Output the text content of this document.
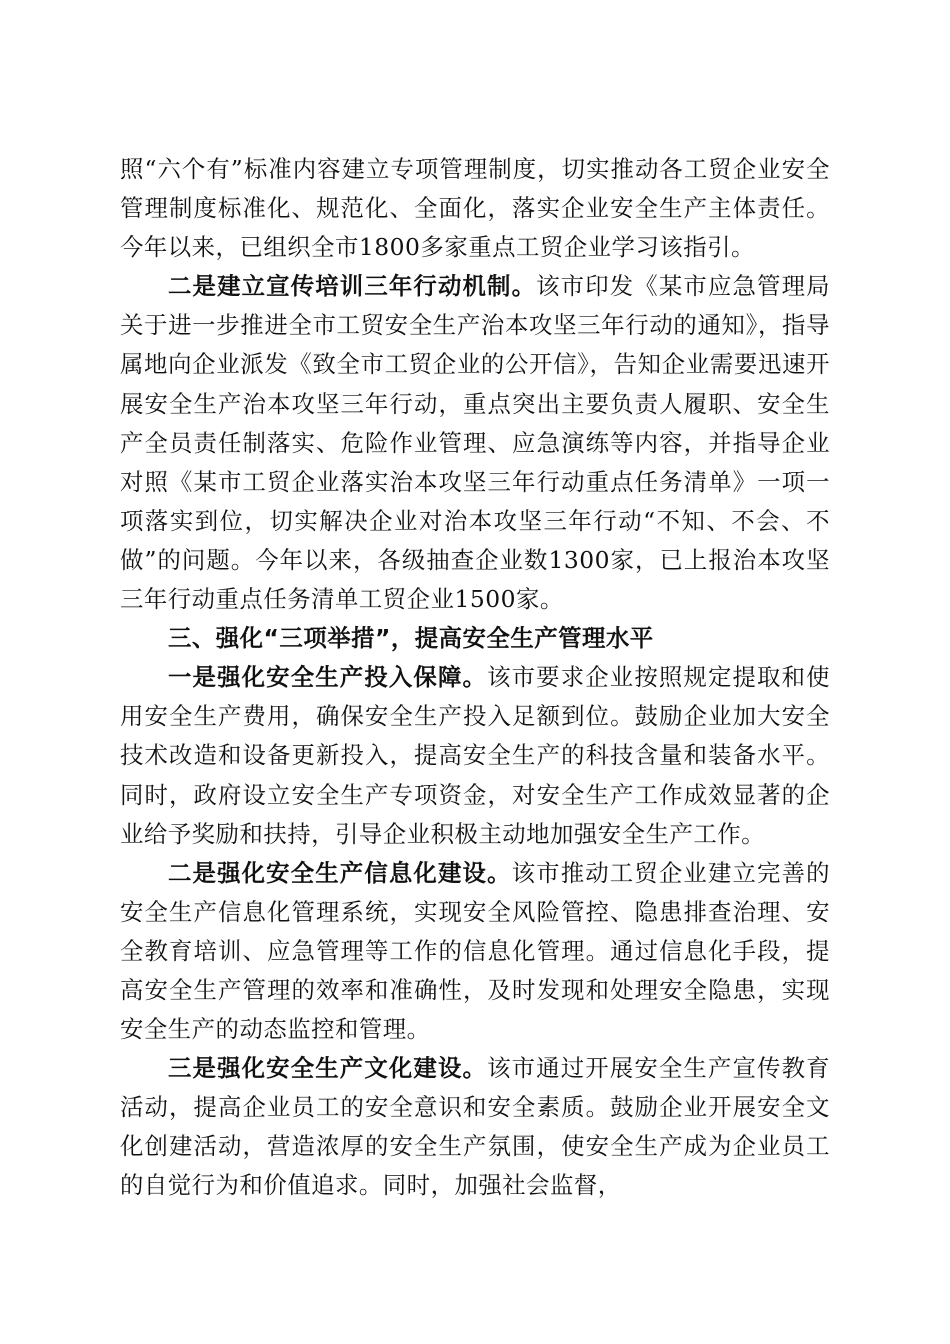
照“六个有”标准内容建立专项管理制度，切实推动各工贸企业安全管理制度标准化、规范化、全面化，落实企业安全生产主体责任。今年以来，已组织全市1800多家重点工贸企业学习该指引。

二是建立宣传培训三年行动机制。该市印发《某市应急管理局关于进一步推进全市工贸安全生产治本攻坚三年行动的通知》，指导属地向企业派发《致全市工贸企业的公开信》，告知企业需要迅速开展安全生产治本攻坚三年行动，重点突出主要负责人履职、安全生产全员责任制落实、危险作业管理、应急演练等内容，并指导企业对照《某市工贸企业落实治本攻坚三年行动重点任务清单》一项一项落实到位，切实解决企业对治本攻坚三年行动“不知、不会、不做”的问题。今年以来，各级抽查企业数1300家，已上报治本攻坚三年行动重点任务清单工贸企业1500家。

三、强化“三项举措”，提高安全生产管理水平

一是强化安全生产投入保障。该市要求企业按照规定提取和使用安全生产费用，确保安全生产投入足额到位。鼓励企业加大安全技术改造和设备更新投入，提高安全生产的科技含量和装备水平。同时，政府设立安全生产专项资金，对安全生产工作成效显著的企业给予奖励和扶持，引导企业积极主动地加强安全生产工作。

二是强化安全生产信息化建设。该市推动工贸企业建立完善的安全生产信息化管理系统，实现安全风险管控、隐患排查治理、安全教育培训、应急管理等工作的信息化管理。通过信息化手段，提高安全生产管理的效率和准确性，及时发现和处理安全隐患，实现安全生产的动态监控和管理。

三是强化安全生产文化建设。该市通过开展安全生产宣传教育活动，提高企业员工的安全意识和安全素质。鼓励企业开展安全文化创建活动，营造浓厚的安全生产氛围，使安全生产成为企业员工的自觉行为和价值追求。同时，加强社会监督，
